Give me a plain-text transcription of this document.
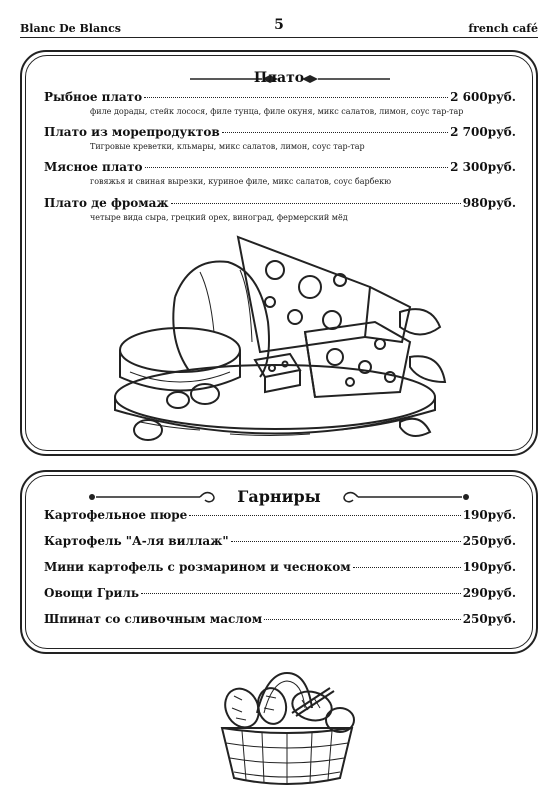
Blanc De Blancs	5	french café
Плато
Рыбное плато	2 600руб.
филе дорады, стейк лосося, филе тунца, филе окуня, микс салатов, лимон, соус тар-тар
Плато из морепродуктов	2 700руб.
Тигровые креветки, кльмары, микс салатов, лимон, соус тар-тар
Мясное плато	2 300руб.
говяжья и свиная вырезки, куриное филе, микс салатов, соус барбекю
Плато де фромаж	980руб.
четыре вида сыра, грецкий орех, виноград, фермерский мёд
Гарниры
Картофельное пюре	190руб.
Картофель "А-ля виллаж"	250руб.
Мини картофель с розмарином и чесноком	190руб.
Овощи Гриль	290руб.
Шпинат со сливочным маслом	250руб.
